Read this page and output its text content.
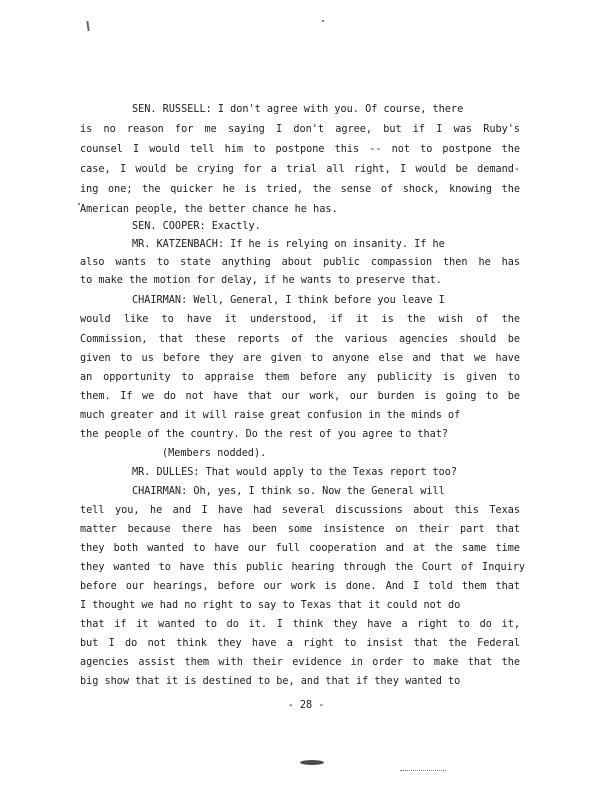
SEN. RUSSELL: I don't agree with you. Of course, there
is no reason for me saying I don't agree, but if I was Ruby's
counsel I would tell him to postpone this -- not to postpone the
case, I would be crying for a trial all right, I would be demand-
ing one; the quicker he is tried, the sense of shock, knowing the
American people, the better chance he has.
SEN. COOPER: Exactly.
MR. KATZENBACH: If he is relying on insanity. If he
also wants to state anything about public compassion then he has
to make the motion for delay, if he wants to preserve that.
CHAIRMAN: Well, General, I think before you leave I
would like to have it understood, if it is the wish of the
Commission, that these reports of the various agencies should be
given to us before they are given to anyone else and that we have
an opportunity to appraise them before any publicity is given to
them. If we do not have that our work, our burden is going to be
much greater and it will raise great confusion in the minds of
the people of the country. Do the rest of you agree to that?
(Members nodded).
MR. DULLES: That would apply to the Texas report too?
CHAIRMAN: Oh, yes, I think so. Now the General will
tell you, he and I have had several discussions about this Texas
matter because there has been some insistence on their part that
they both wanted to have our full cooperation and at the same time
they wanted to have this public hearing through the Court of Inquiry
before our hearings, before our work is done. And I told them that
I thought we had no right to say to Texas that it could not do
that if it wanted to do it. I think they have a right to do it,
but I do not think they have a right to insist that the Federal
agencies assist them with their evidence in order to make that the
big show that it is destined to be, and that if they wanted to
- 28 -
